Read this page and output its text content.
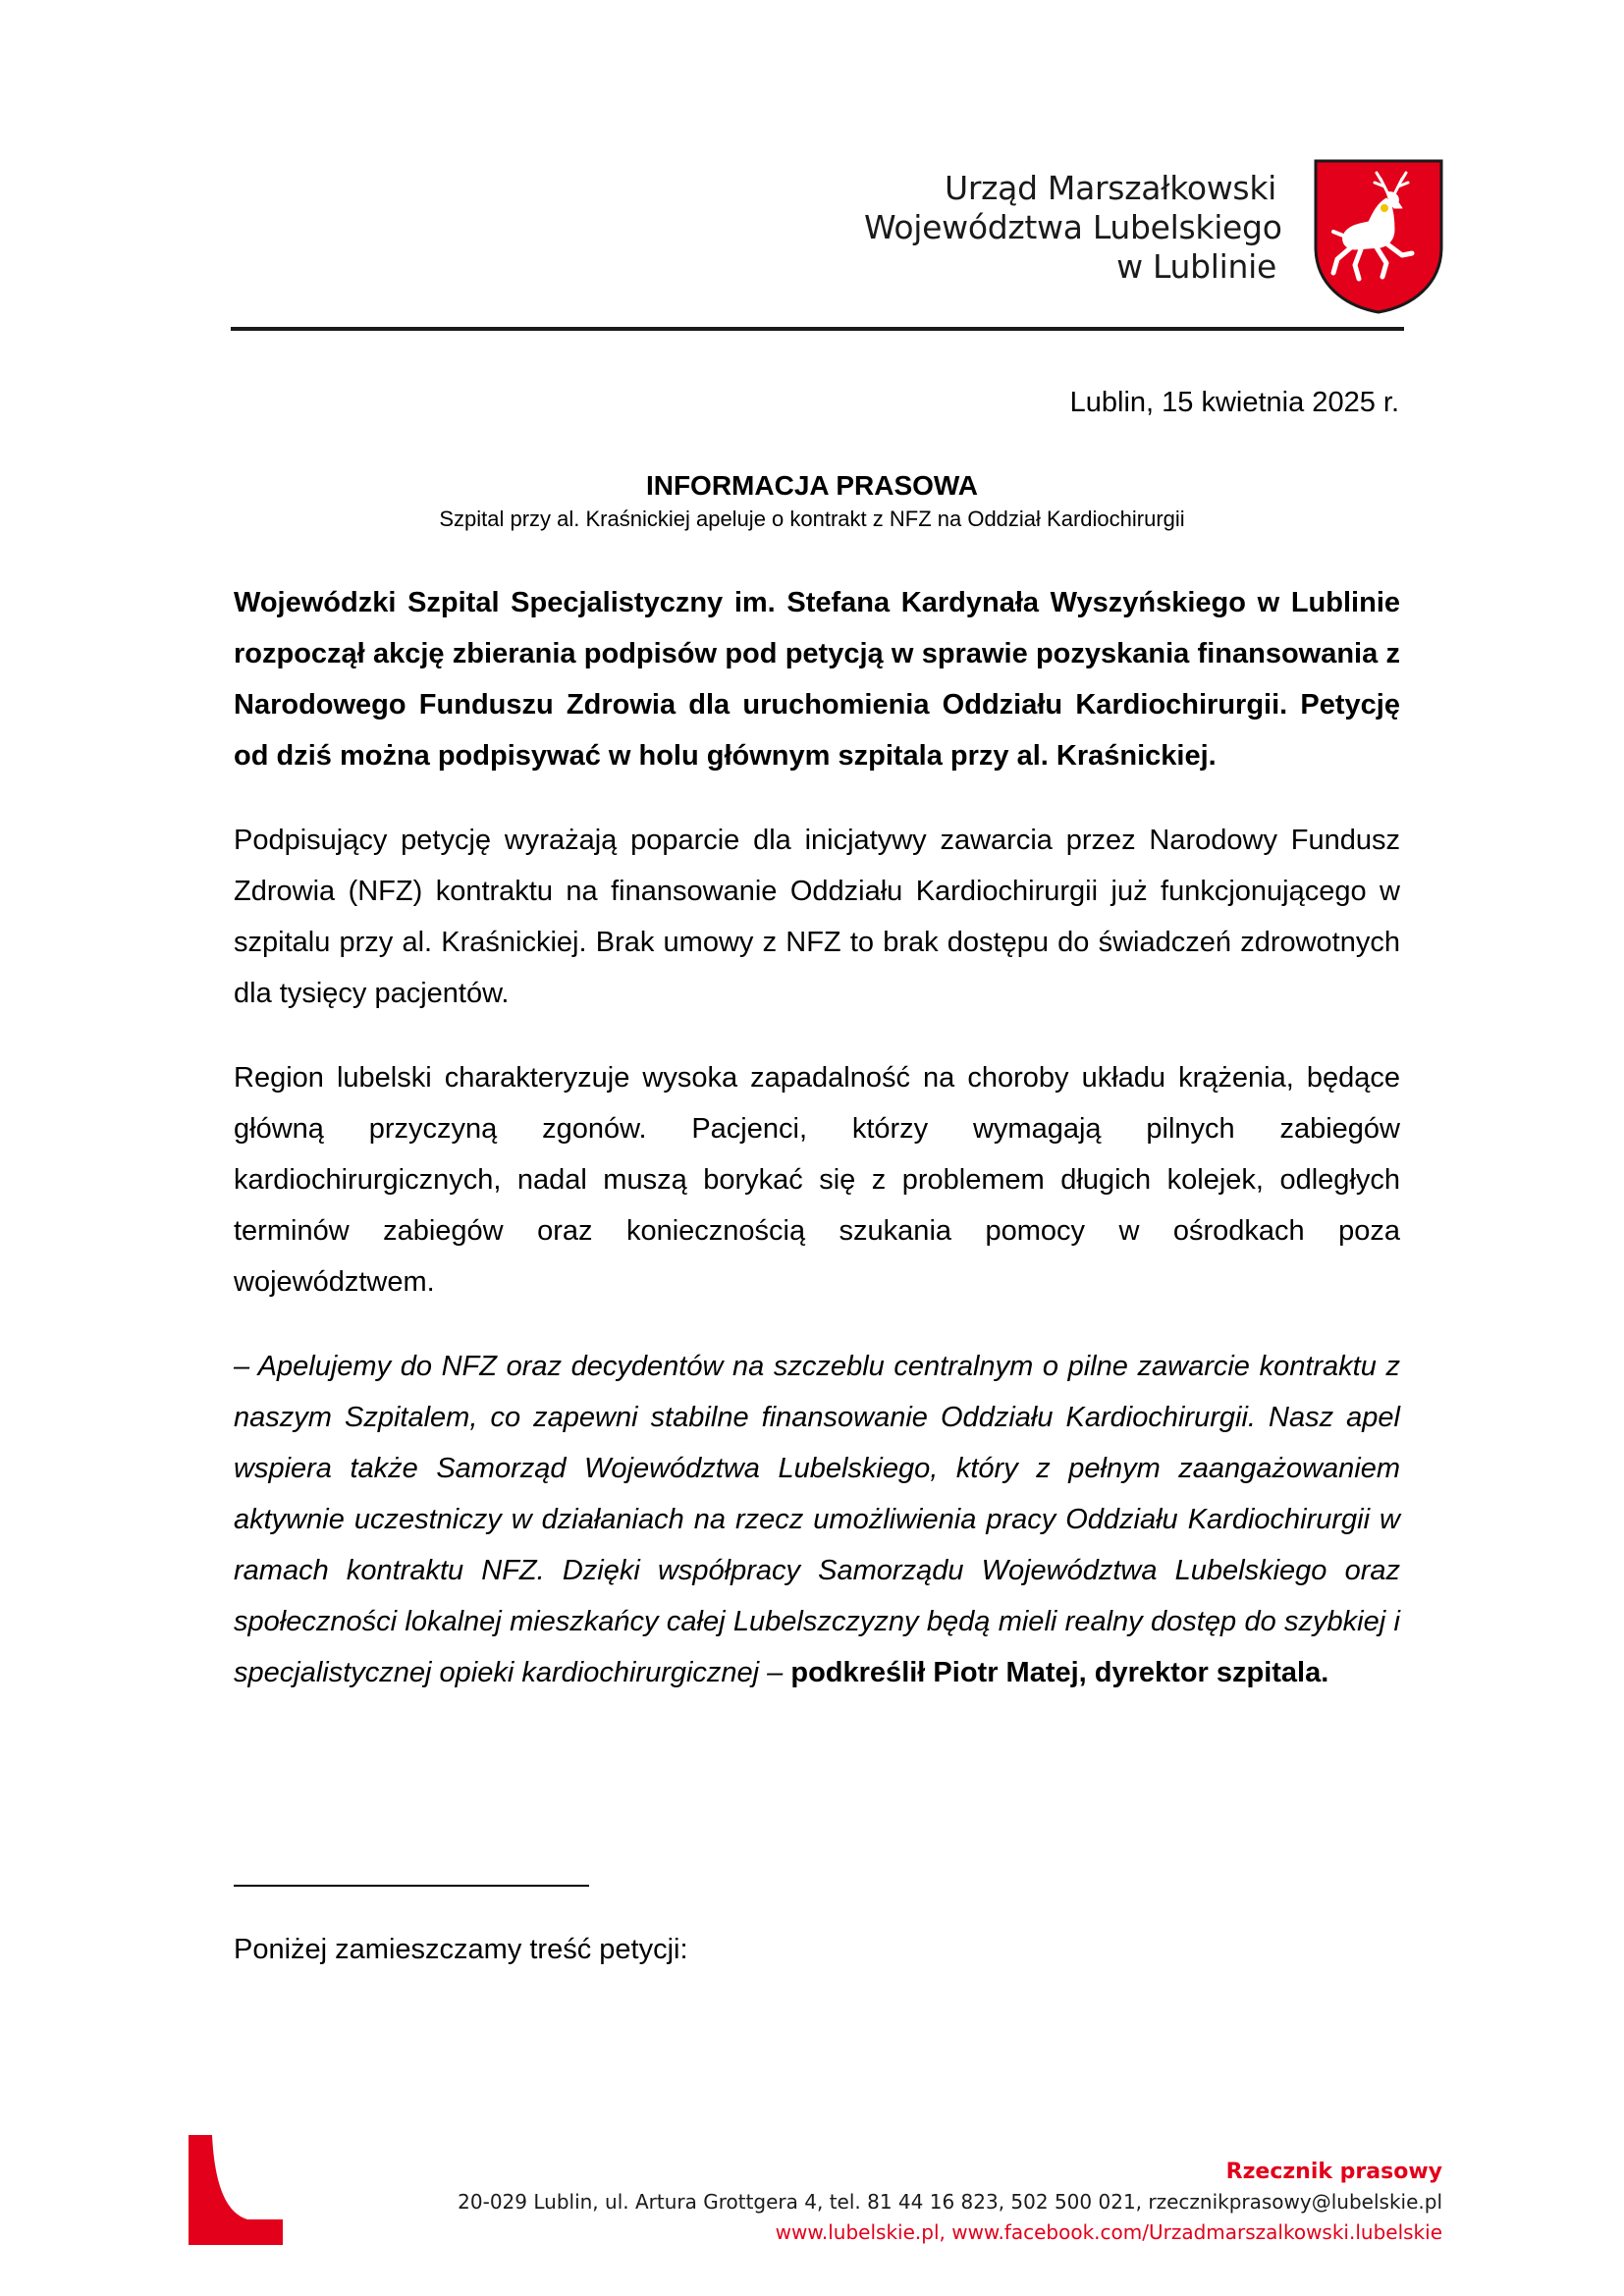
Urząd Marszałkowski
Województwa Lubelskiego
w Lublinie
Lublin, 15 kwietnia 2025 r.
INFORMACJA PRASOWA
Szpital przy al. Kraśnickiej apeluje o kontrakt z NFZ na Oddział Kardiochirurgii

Wojewódzki Szpital Specjalistyczny im. Stefana Kardynała Wyszyńskiego w Lublinie rozpoczął akcję zbierania podpisów pod petycją w sprawie pozyskania finansowania z Narodowego Funduszu Zdrowia dla uruchomienia Oddziału Kardiochirurgii. Petycję od dziś można podpisywać w holu głównym szpitala przy al. Kraśnickiej.

Podpisujący petycję wyrażają poparcie dla inicjatywy zawarcia przez Narodowy Fundusz Zdrowia (NFZ) kontraktu na finansowanie Oddziału Kardiochirurgii już funkcjonującego w szpitalu przy al. Kraśnickiej. Brak umowy z NFZ to brak dostępu do świadczeń zdrowotnych dla tysięcy pacjentów.

Region lubelski charakteryzuje wysoka zapadalność na choroby układu krążenia, będące główną przyczyną zgonów. Pacjenci, którzy wymagają pilnych zabiegów kardiochirurgicznych, nadal muszą borykać się z problemem długich kolejek, odległych terminów zabiegów oraz koniecznością szukania pomocy w ośrodkach poza województwem.

– Apelujemy do NFZ oraz decydentów na szczeblu centralnym o pilne zawarcie kontraktu z naszym Szpitalem, co zapewni stabilne finansowanie Oddziału Kardiochirurgii. Nasz apel wspiera także Samorząd Województwa Lubelskiego, który z pełnym zaangażowaniem aktywnie uczestniczy w działaniach na rzecz umożliwienia pracy Oddziału Kardiochirurgii w ramach kontraktu NFZ. Dzięki współpracy Samorządu Województwa Lubelskiego oraz społeczności lokalnej mieszkańcy całej Lubelszczyzny będą mieli realny dostęp do szybkiej i specjalistycznej opieki kardiochirurgicznej – podkreślił Piotr Matej, dyrektor szpitala.

Poniżej zamieszczamy treść petycji:
Rzecznik prasowy
20-029 Lublin, ul. Artura Grottgera 4, tel. 81 44 16 823, 502 500 021, rzecznikprasowy@lubelskie.pl
www.lubelskie.pl, www.facebook.com/Urzadmarszalkowski.lubelskie
